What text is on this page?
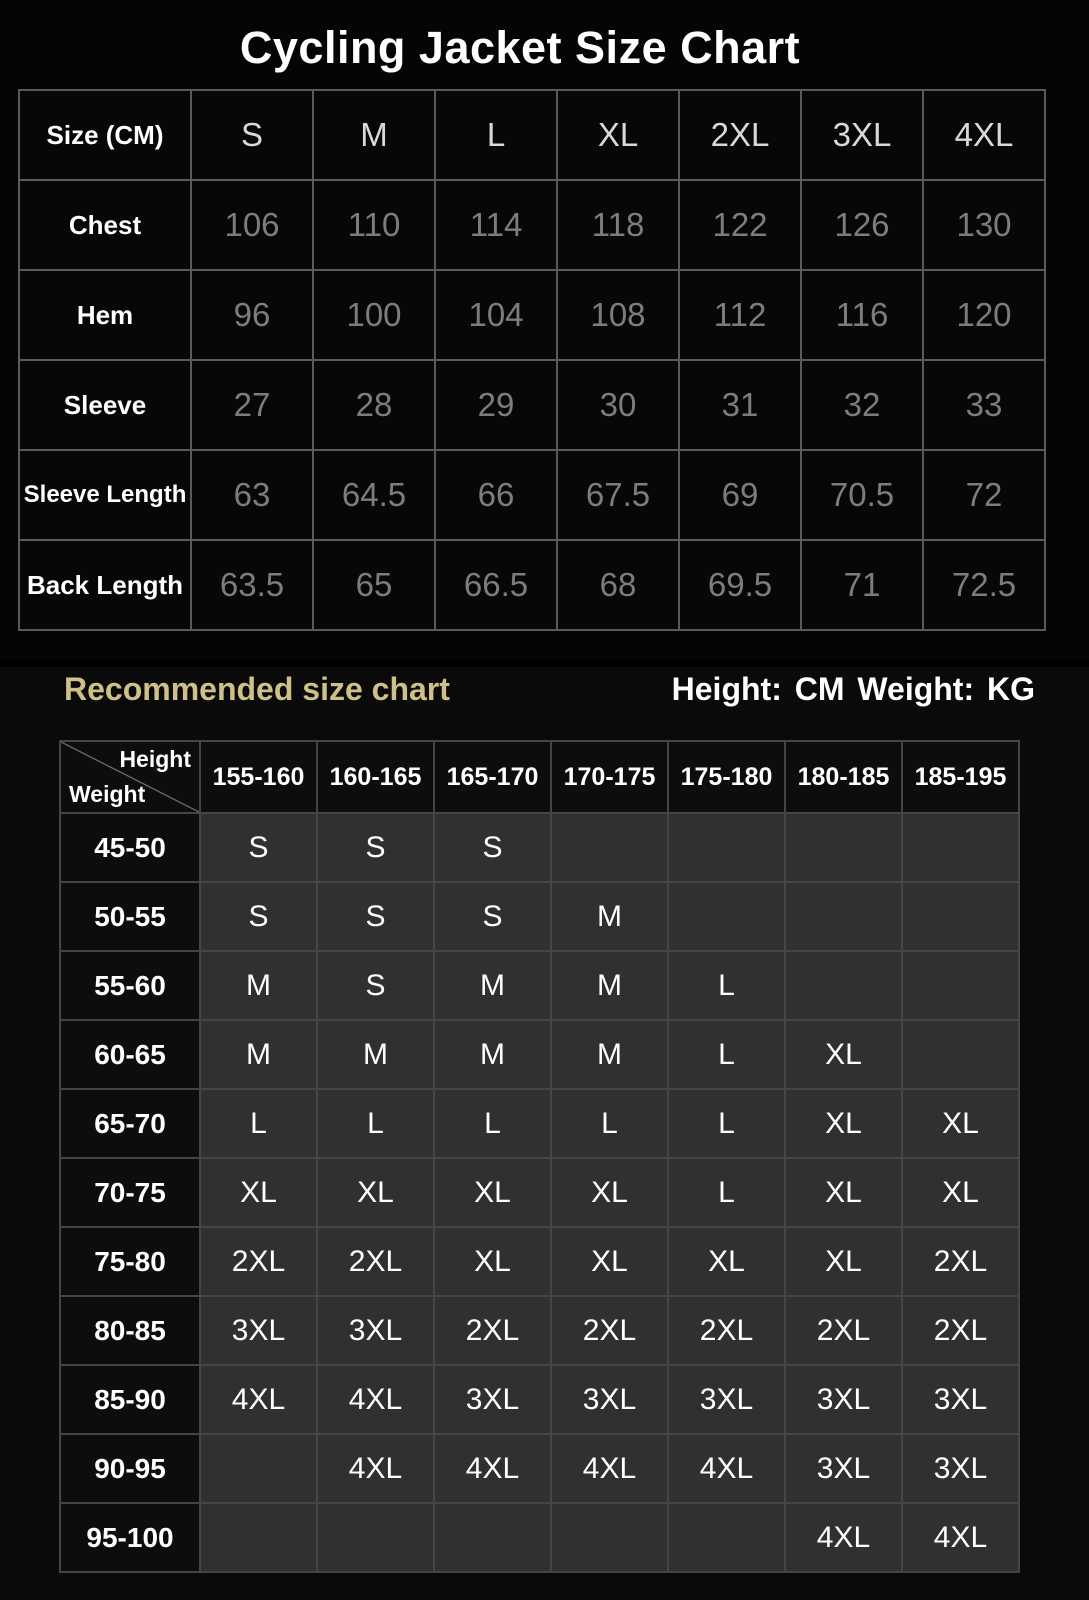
Cycling Jacket Size Chart
Size (CM)	S	M	L	XL	2XL	3XL	4XL
Chest	106	110	114	118	122	126	130
Hem	96	100	104	108	112	116	120
Sleeve	27	28	29	30	31	32	33
Sleeve Length	63	64.5	66	67.5	69	70.5	72
Back Length	63.5	65	66.5	68	69.5	71	72.5
Recommended size chart	Height: CM Weight: KG
Height
Weight	155-160	160-165	165-170	170-175	175-180	180-185	185-195
45-50	S	S	S				
50-55	S	S	S	M			
55-60	M	S	M	M	L		
60-65	M	M	M	M	L	XL	
65-70	L	L	L	L	L	XL	XL
70-75	XL	XL	XL	XL	L	XL	XL
75-80	2XL	2XL	XL	XL	XL	XL	2XL
80-85	3XL	3XL	2XL	2XL	2XL	2XL	2XL
85-90	4XL	4XL	3XL	3XL	3XL	3XL	3XL
90-95		4XL	4XL	4XL	4XL	3XL	3XL
95-100						4XL	4XL
